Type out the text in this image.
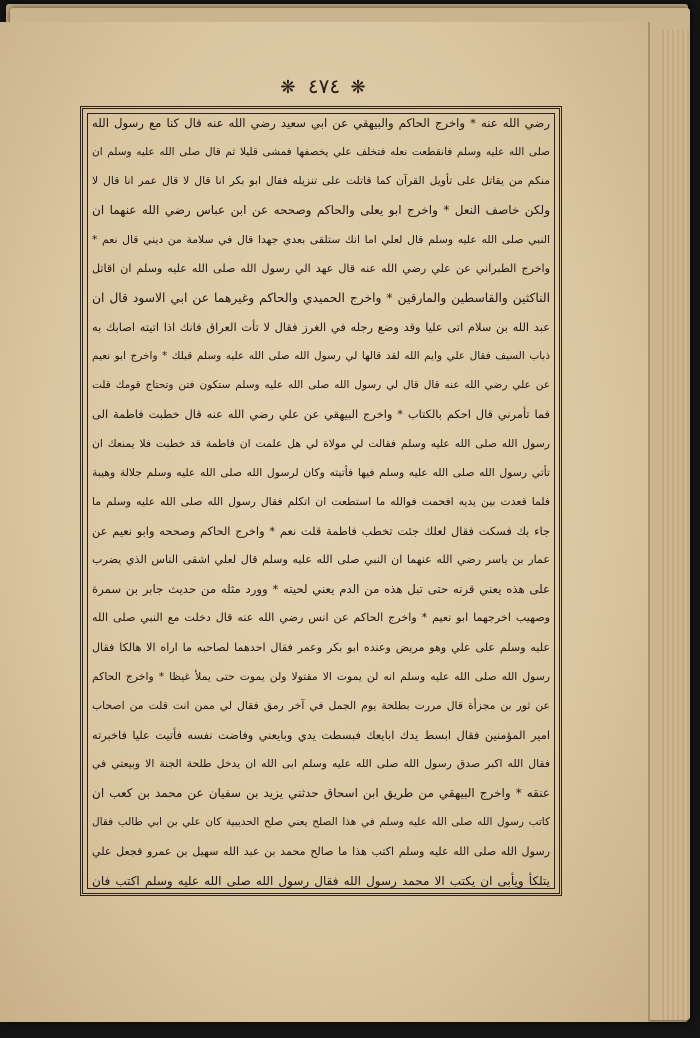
❋ ٤٧٤ ❋
رضي الله عنه * واخرج الحاكم والبيهقي عن ابي سعيد رضي الله عنه قال كنا مع رسول الله
صلى الله عليه وسلم فانقطعت نعله فتخلف علي يخصفها فمشى قليلا ثم قال صلى الله عليه وسلم ان
منكم من يقاتل على تأويل القرآن كما قاتلت على تنزيله فقال ابو بكر انا قال لا قال عمر انا قال لا
ولكن خاصف النعل * واخرج ابو يعلى والحاكم وصححه عن ابن عباس رضي الله عنهما ان
النبي صلى الله عليه وسلم قال لعلي اما انك ستلقى بعدي جهدا قال في سلامة من ديني قال نعم *
واخرج الطبراني عن علي رضي الله عنه قال عهد الي رسول الله صلى الله عليه وسلم ان اقاتل
الناكثين والقاسطين والمارقين * واخرج الحميدي والحاكم وغيرهما عن ابي الاسود قال ان
عبد الله بن سلام اتى عليا وقد وضع رجله في الغرز فقال لا تأت العراق فانك اذا اتيته اصابك به
ذباب السيف فقال علي وايم الله لقد قالها لي رسول الله صلى الله عليه وسلم قبلك * واخرج ابو نعيم
عن علي رضي الله عنه قال قال لي رسول الله صلى الله عليه وسلم ستكون فتن وتحتاج قومك قلت
فما تأمرني قال احكم بالكتاب * واخرج البيهقي عن علي رضي الله عنه قال خطبت فاطمة الى
رسول الله صلى الله عليه وسلم فقالت لي مولاة لي هل علمت ان فاطمة قد خطبت فلا يمنعك ان
تأتي رسول الله صلى الله عليه وسلم فيها فأتيته وكان لرسول الله صلى الله عليه وسلم جلالة وهيبة
فلما قعدت بين يديه افحمت فوالله ما استطعت ان اتكلم فقال رسول الله صلى الله عليه وسلم ما
جاء بك فسكت فقال لعلك جئت تخطب فاطمة قلت نعم * واخرج الحاكم وصححه وابو نعيم عن
عمار بن ياسر رضي الله عنهما ان النبي صلى الله عليه وسلم قال لعلي اشقى الناس الذي يضرب
على هذه يعني قرنه حتى تبل هذه من الدم يعني لحيته * وورد مثله من حديث جابر بن سمرة
وصهيب اخرجهما ابو نعيم * واخرج الحاكم عن انس رضي الله عنه قال دخلت مع النبي صلى الله
عليه وسلم على علي وهو مريض وعنده ابو بكر وعمر فقال احدهما لصاحبه ما اراه الا هالكا فقال
رسول الله صلى الله عليه وسلم انه لن يموت الا مقتولا ولن يموت حتى يملأ غيظا * واخرج الحاكم
عن ثور بن مجزأة قال مررت بطلحة يوم الجمل في آخر رمق فقال لي ممن انت قلت من اصحاب
امير المؤمنين فقال ابسط يدك ابايعك فبسطت يدي وبايعني وفاضت نفسه فأتيت عليا فاخبرته
فقال الله اكبر صدق رسول الله صلى الله عليه وسلم ابى الله ان يدخل طلحة الجنة الا وبيعتي في
عنقه * واخرج البيهقي من طريق ابن اسحاق حدثني يزيد بن سفيان عن محمد بن كعب ان
كاتب رسول الله صلى الله عليه وسلم في هذا الصلح يعني صلح الحديبية كان علي بن ابي طالب فقال
رسول الله صلى الله عليه وسلم اكتب هذا ما صالح محمد بن عبد الله سهيل بن عمرو فجعل علي
يتلكأ ويأبى ان يكتب الا محمد رسول الله فقال رسول الله صلى الله عليه وسلم اكتب فان
